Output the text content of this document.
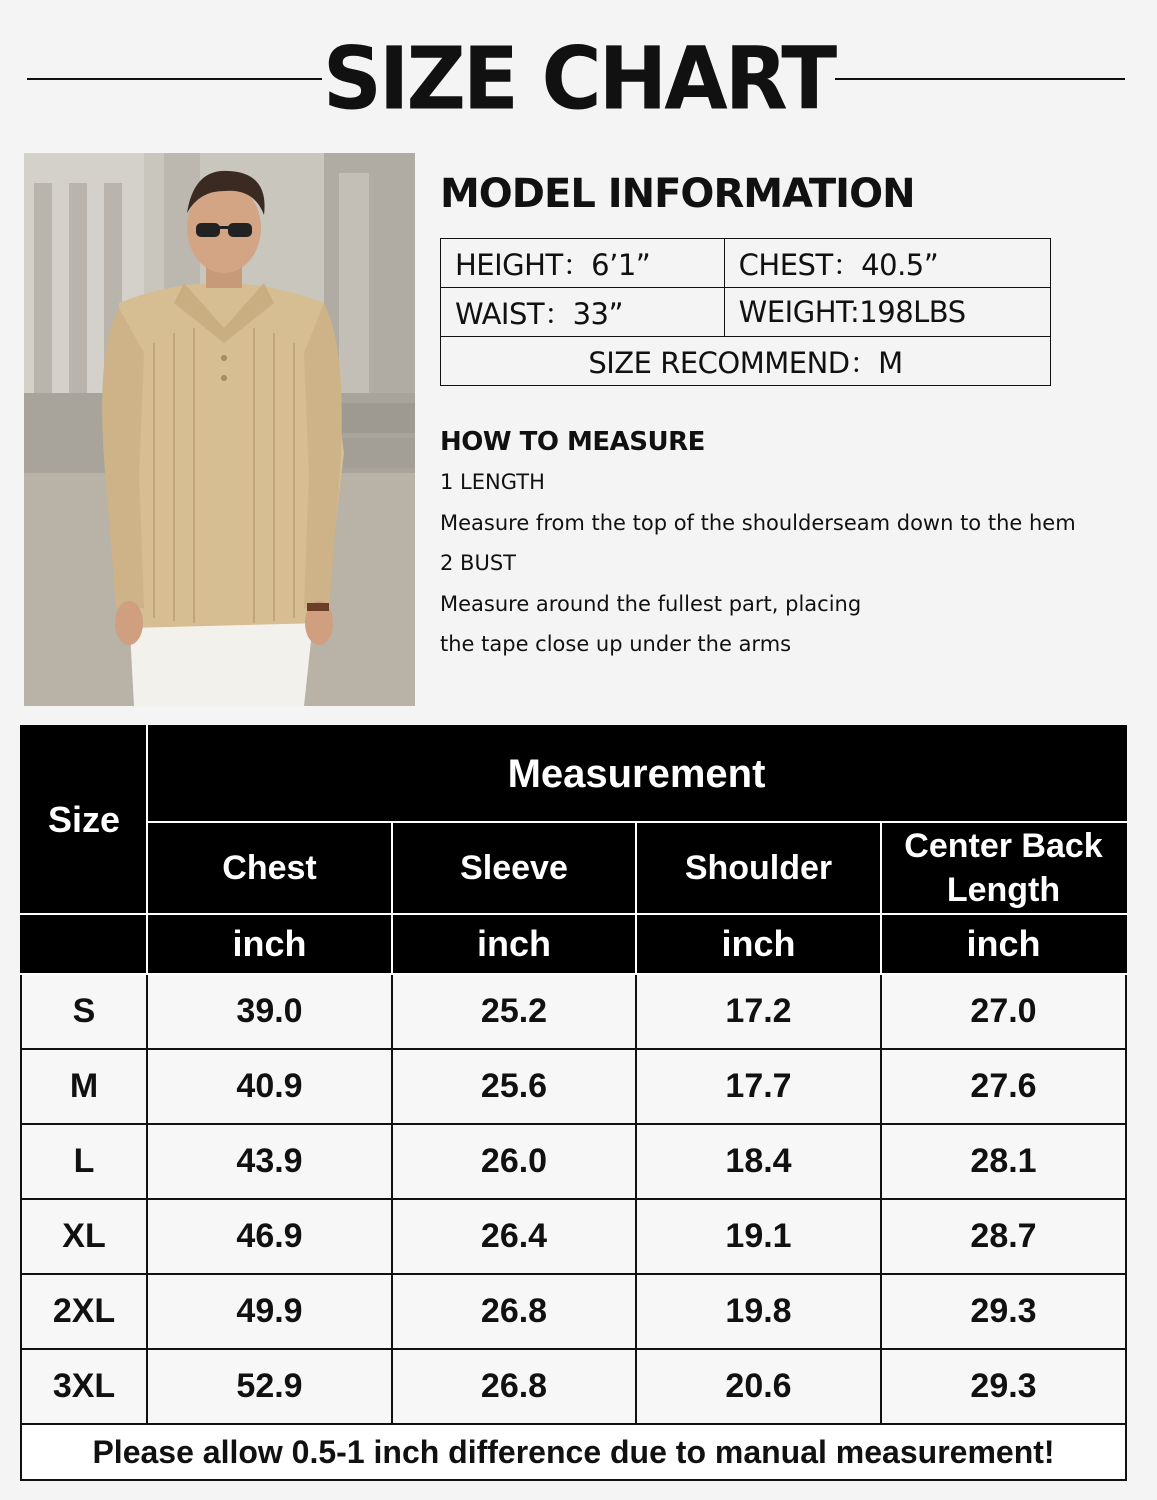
SIZE CHART
MODEL INFORMATION
HEIGHT：6’1”	CHEST：40.5”
WAIST：33”	WEIGHT:198LBS
SIZE RECOMMEND：M	
HOW TO MEASURE
1 LENGTH
Measure from the top of the shoulderseam down to the hem
2 BUST
Measure around the fullest part, placing
the tape close up under the arms
Size	Measurement			
	Chest	Sleeve	Shoulder	Center Back Length
	inch	inch	inch	inch
S	39.0	25.2	17.2	27.0
M	40.9	25.6	17.7	27.6
L	43.9	26.0	18.4	28.1
XL	46.9	26.4	19.1	28.7
2XL	49.9	26.8	19.8	29.3
3XL	52.9	26.8	20.6	29.3
Please allow 0.5-1 inch difference due to manual measurement!				
